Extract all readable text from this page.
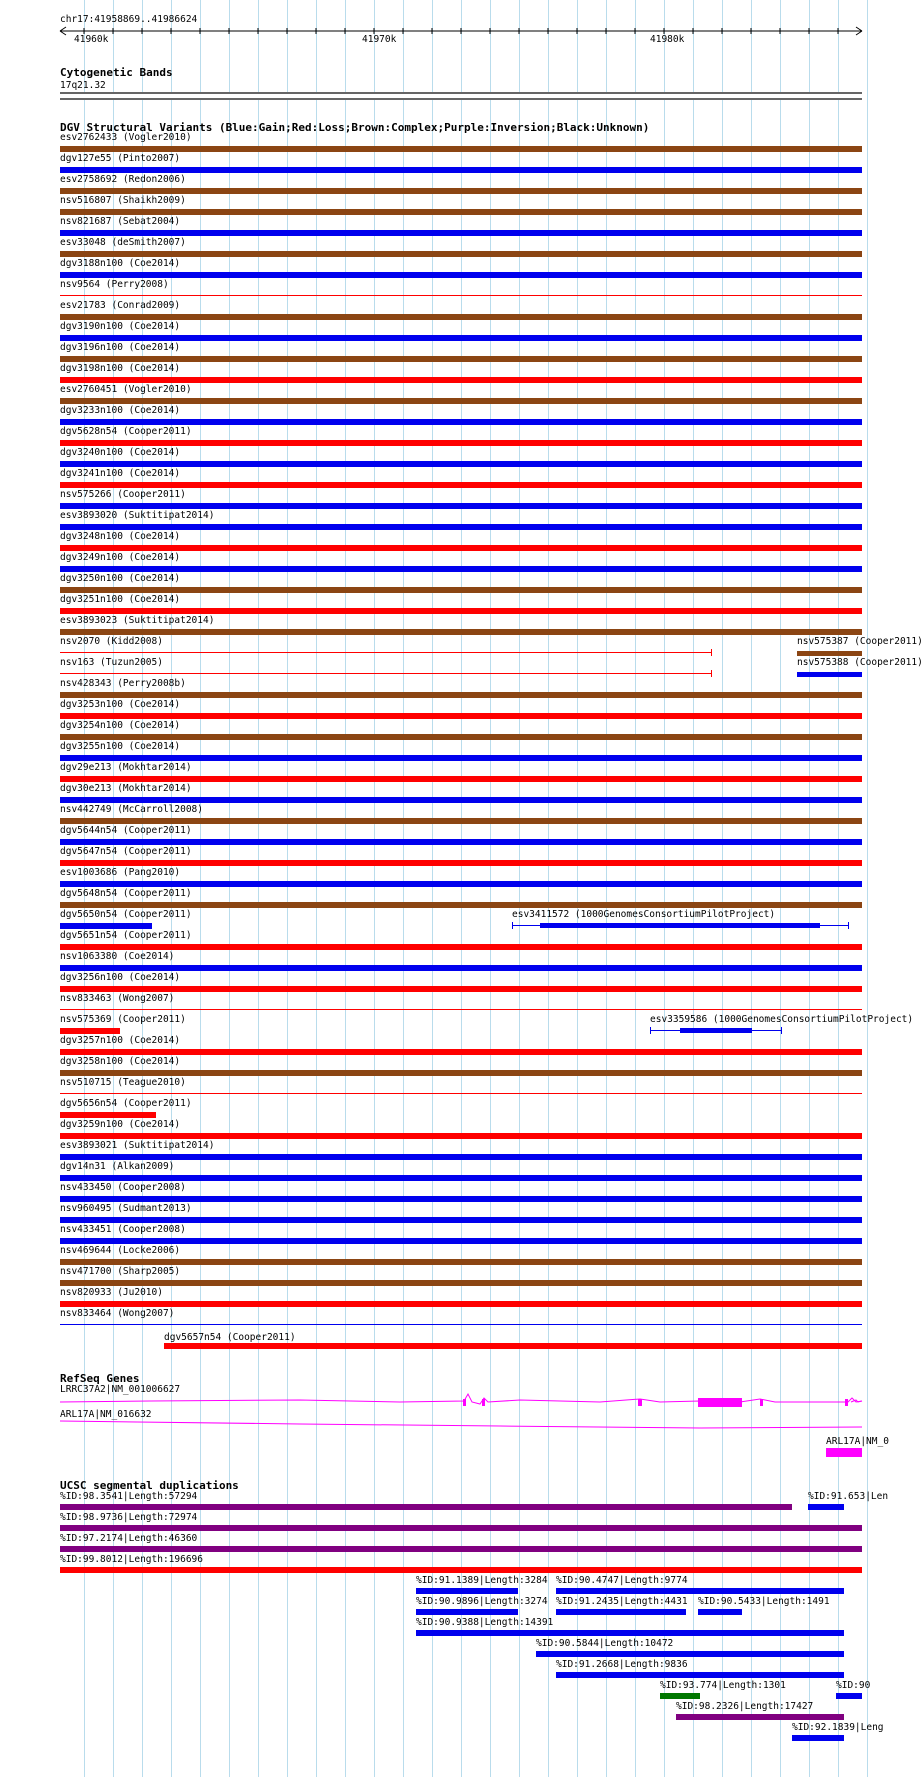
chr17:41958869..41986624
41960k	41970k	41980k
Cytogenetic Bands
17q21.32
DGV Structural Variants (Blue:Gain;Red:Loss;Brown:Complex;Purple:Inversion;Black:Unknown)
esv2762433 (Vogler2010)
dgv127e55 (Pinto2007)
esv2758692 (Redon2006)
nsv516807 (Shaikh2009)
nsv821687 (Sebat2004)
esv33048 (deSmith2007)
dgv3188n100 (Coe2014)
nsv9564 (Perry2008)
esv21783 (Conrad2009)
dgv3190n100 (Coe2014)
dgv3196n100 (Coe2014)
dgv3198n100 (Coe2014)
esv2760451 (Vogler2010)
dgv3233n100 (Coe2014)
dgv5628n54 (Cooper2011)
dgv3240n100 (Coe2014)
dgv3241n100 (Coe2014)
nsv575266 (Cooper2011)
esv3893020 (Suktitipat2014)
dgv3248n100 (Coe2014)
dgv3249n100 (Coe2014)
dgv3250n100 (Coe2014)
dgv3251n100 (Coe2014)
esv3893023 (Suktitipat2014)
nsv2070 (Kidd2008)	nsv575387 (Cooper2011)
nsv163 (Tuzun2005)	nsv575388 (Cooper2011)
nsv428343 (Perry2008b)
dgv3253n100 (Coe2014)
dgv3254n100 (Coe2014)
dgv3255n100 (Coe2014)
dgv29e213 (Mokhtar2014)
dgv30e213 (Mokhtar2014)
nsv442749 (McCarroll2008)
dgv5644n54 (Cooper2011)
dgv5647n54 (Cooper2011)
esv1003686 (Pang2010)
dgv5648n54 (Cooper2011)
dgv5650n54 (Cooper2011)	esv3411572 (1000GenomesConsortiumPilotProject)
dgv5651n54 (Cooper2011)
nsv1063380 (Coe2014)
dgv3256n100 (Coe2014)
nsv833463 (Wong2007)
nsv575369 (Cooper2011)	esv3359586 (1000GenomesConsortiumPilotProject)
dgv3257n100 (Coe2014)
dgv3258n100 (Coe2014)
nsv510715 (Teague2010)
dgv5656n54 (Cooper2011)
dgv3259n100 (Coe2014)
esv3893021 (Suktitipat2014)
dgv14n31 (Alkan2009)
nsv433450 (Cooper2008)
nsv960495 (Sudmant2013)
nsv433451 (Cooper2008)
nsv469644 (Locke2006)
nsv471700 (Sharp2005)
nsv820933 (Ju2010)
nsv833464 (Wong2007)
dgv5657n54 (Cooper2011)
RefSeq Genes
LRRC37A2|NM_001006627
ARL17A|NM_016632
ARL17A|NM_0
UCSC segmental duplications
%ID:98.3541|Length:57294	%ID:91.653|Len
%ID:98.9736|Length:72974
%ID:97.2174|Length:46360
%ID:99.8012|Length:196696
%ID:91.1389|Length:3284 %ID:90.4747|Length:9774
%ID:90.9896|Length:3274 %ID:91.2435|Length:4431 %ID:90.5433|Length:1491
%ID:90.9388|Length:14391
%ID:90.5844|Length:10472
%ID:91.2668|Length:9836
%ID:93.774|Length:1301	%ID:90
%ID:98.2326|Length:17427
%ID:92.1839|Leng
